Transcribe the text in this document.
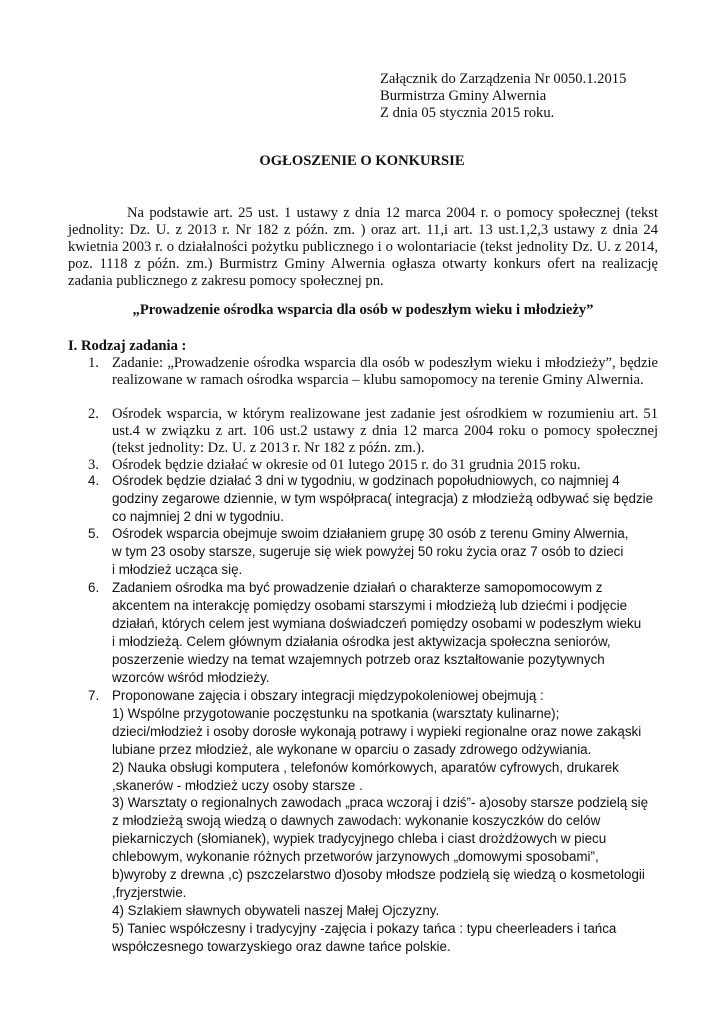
Załącznik do Zarządzenia Nr 0050.1.2015
Burmistrza Gminy Alwernia
Z dnia 05 stycznia 2015 roku.
OGŁOSZENIE O KONKURSIE
Na podstawie art. 25 ust. 1 ustawy z dnia 12 marca 2004 r. o pomocy społecznej (tekst jednolity: Dz. U. z 2013 r. Nr 182 z późn. zm. ) oraz art. 11,i art. 13 ust.1,2,3 ustawy z dnia 24 kwietnia 2003 r. o działalności pożytku publicznego i o wolontariacie (tekst jednolity Dz. U. z 2014, poz. 1118 z późn. zm.) Burmistrz Gminy Alwernia ogłasza otwarty konkurs ofert na realizację zadania publicznego z zakresu pomocy społecznej pn.
„Prowadzenie ośrodka wsparcia dla osób w podeszłym wieku i młodzieży”
I. Rodzaj zadania :
1. Zadanie: „Prowadzenie ośrodka wsparcia dla osób w podeszłym wieku i młodzieży”, będzie realizowane w ramach ośrodka wsparcia – klubu samopomocy na terenie Gminy Alwernia.
2. Ośrodek wsparcia, w którym realizowane jest zadanie jest ośrodkiem w rozumieniu art. 51 ust.4 w związku z art. 106 ust.2 ustawy z dnia 12 marca 2004 roku o pomocy społecznej (tekst jednolity: Dz. U. z 2013 r. Nr 182 z późn. zm.).
3. Ośrodek będzie działać w okresie od 01 lutego 2015 r. do 31 grudnia 2015 roku.
4. Ośrodek będzie działać 3 dni w tygodniu, w godzinach popołudniowych, co najmniej 4
godziny zegarowe dziennie, w tym współpraca( integracja) z młodzieżą odbywać się będzie
co najmniej 2 dni w tygodniu.
5. Ośrodek wsparcia obejmuje swoim działaniem grupę 30 osób z terenu Gminy Alwernia,
w tym 23 osoby starsze, sugeruje się wiek powyżej 50 roku życia oraz 7 osób to dzieci
i młodzież ucząca się.
6. Zadaniem ośrodka ma być prowadzenie działań o charakterze samopomocowym z
akcentem na interakcję pomiędzy osobami starszymi i młodzieżą lub dziećmi i podjęcie
działań, których celem jest wymiana doświadczeń pomiędzy osobami w podeszłym wieku
i młodzieżą. Celem głównym działania ośrodka jest aktywizacja społeczna seniorów,
poszerzenie wiedzy na temat wzajemnych potrzeb oraz kształtowanie pozytywnych
wzorców wśród młodzieży.
7. Proponowane zajęcia i obszary integracji międzypokoleniowej obejmują :
1) Wspólne przygotowanie poczęstunku na spotkania (warsztaty kulinarne);
dzieci/młodzież i osoby dorosłe wykonają potrawy i wypieki regionalne oraz nowe zakąski
lubiane przez młodzież, ale wykonane w oparciu o zasady zdrowego odżywiania.
2) Nauka obsługi komputera , telefonów komórkowych, aparatów cyfrowych, drukarek
,skanerów - młodzież uczy osoby starsze .
3) Warsztaty o regionalnych zawodach „praca wczoraj i dziś”- a)osoby starsze podzielą się
z młodzieżą swoją wiedzą o dawnych zawodach: wykonanie koszyczków do celów
piekarniczych (słomianek), wypiek tradycyjnego chleba i ciast drożdżowych w piecu
chlebowym, wykonanie różnych przetworów jarzynowych „domowymi sposobami”,
b)wyroby z drewna ,c) pszczelarstwo d)osoby młodsze podzielą się wiedzą o kosmetologii
,fryzjerstwie.
4) Szlakiem sławnych obywateli naszej Małej Ojczyzny.
5) Taniec współczesny i tradycyjny -zajęcia i pokazy tańca : typu cheerleaders i tańca
współczesnego towarzyskiego oraz dawne tańce polskie.
